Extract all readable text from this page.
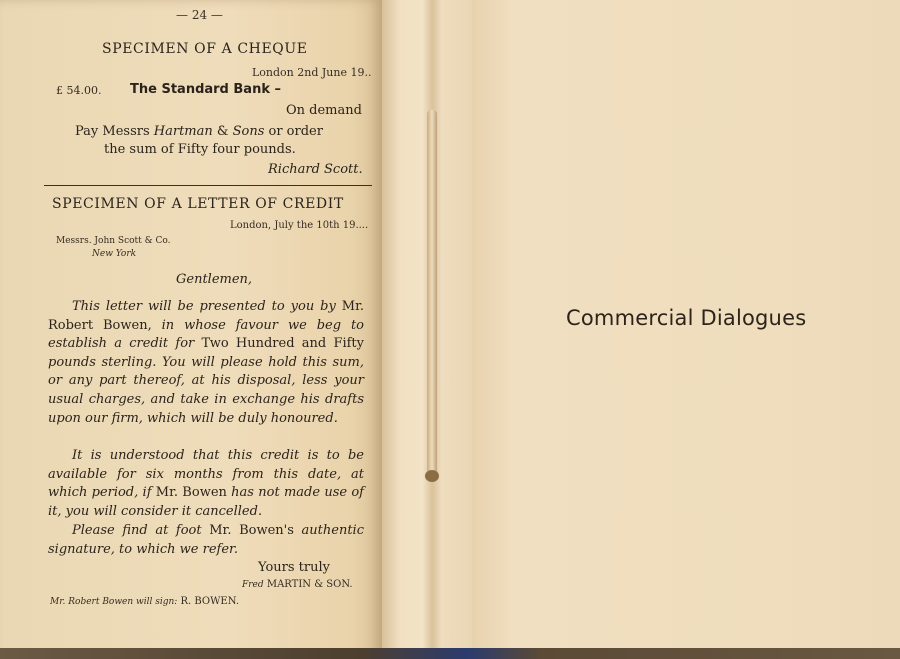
— 24 —
SPECIMEN OF A CHEQUE
London 2nd June 19..
£ 54.00. The Standard Bank –
On demand
Pay Messrs Hartman & Sons or order
the sum of Fifty four pounds.
Richard Scott.
SPECIMEN OF A LETTER OF CREDIT
London, July the 10th 19....
Messrs. John Scott & Co.
New York
Gentlemen,
This letter will be presented to you by Mr. Robert Bowen, in whose favour we beg to establish a credit for Two Hundred and Fifty pounds sterling. You will please hold this sum, or any part thereof, at his disposal, less your usual charges, and take in exchange his drafts upon our firm, which will be duly honoured.
It is understood that this credit is to be available for six months from this date, at which period, if Mr. Bowen has not made use of it, you will consider it cancelled.
Please find at foot Mr. Bowen's authentic signature, to which we refer.
Yours truly
Fred MARTIN & SON.
Mr. Robert Bowen will sign: R. BOWEN.
Commercial Dialogues
